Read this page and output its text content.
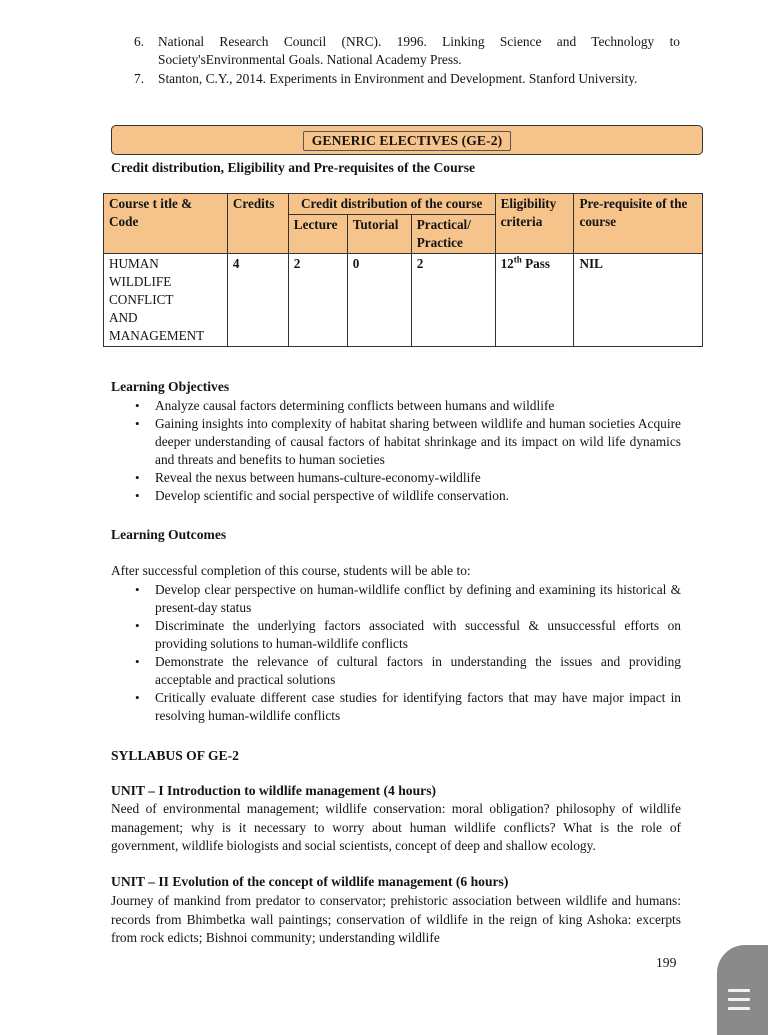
6. National Research Council (NRC). 1996. Linking Science and Technology to Society'sEnvironmental Goals. National Academy Press.
7. Stanton, C.Y., 2014. Experiments in Environment and Development. Stanford University.
GENERIC ELECTIVES (GE-2)
Credit distribution, Eligibility and Pre-requisites of the Course
Course t itle & Code	Credits	Credit distribution of the course			Eligibility criteria	Pre-requisite of the course
		Lecture	Tutorial	Practical/ Practice		

HUMAN
WILDLIFE
CONFLICT
AND
MANAGEMENT	4	2	0	2	12th Pass	NIL
Learning Objectives
• Analyze causal factors determining conflicts between humans and wildlife
• Gaining insights into complexity of habitat sharing between wildlife and human societies Acquire deeper understanding of causal factors of habitat shrinkage and its impact on wild life dynamics and threats and benefits to human societies
• Reveal the nexus between humans-culture-economy-wildlife
• Develop scientific and social perspective of wildlife conservation.
Learning Outcomes
After successful completion of this course, students will be able to:
• Develop clear perspective on human-wildlife conflict by defining and examining its historical & present-day status
• Discriminate the underlying factors associated with successful & unsuccessful efforts on providing solutions to human-wildlife conflicts
• Demonstrate the relevance of cultural factors in understanding the issues and providing acceptable and practical solutions
• Critically evaluate different case studies for identifying factors that may have major impact in resolving human-wildlife conflicts
SYLLABUS OF GE-2
UNIT – I Introduction to wildlife management (4 hours)

Need of environmental management; wildlife conservation: moral obligation? philosophy of wildlife management; why is it necessary to worry about human wildlife conflicts? What is the role of government, wildlife biologists and social scientists, concept of deep and shallow ecology.

UNIT – II Evolution of the concept of wildlife management (6 hours)

Journey of mankind from predator to conservator; prehistoric association between wildlife and humans: records from Bhimbetka wall paintings; conservation of wildlife in the reign of king Ashoka: excerpts from rock edicts; Bishnoi community; understanding wildlife

199
